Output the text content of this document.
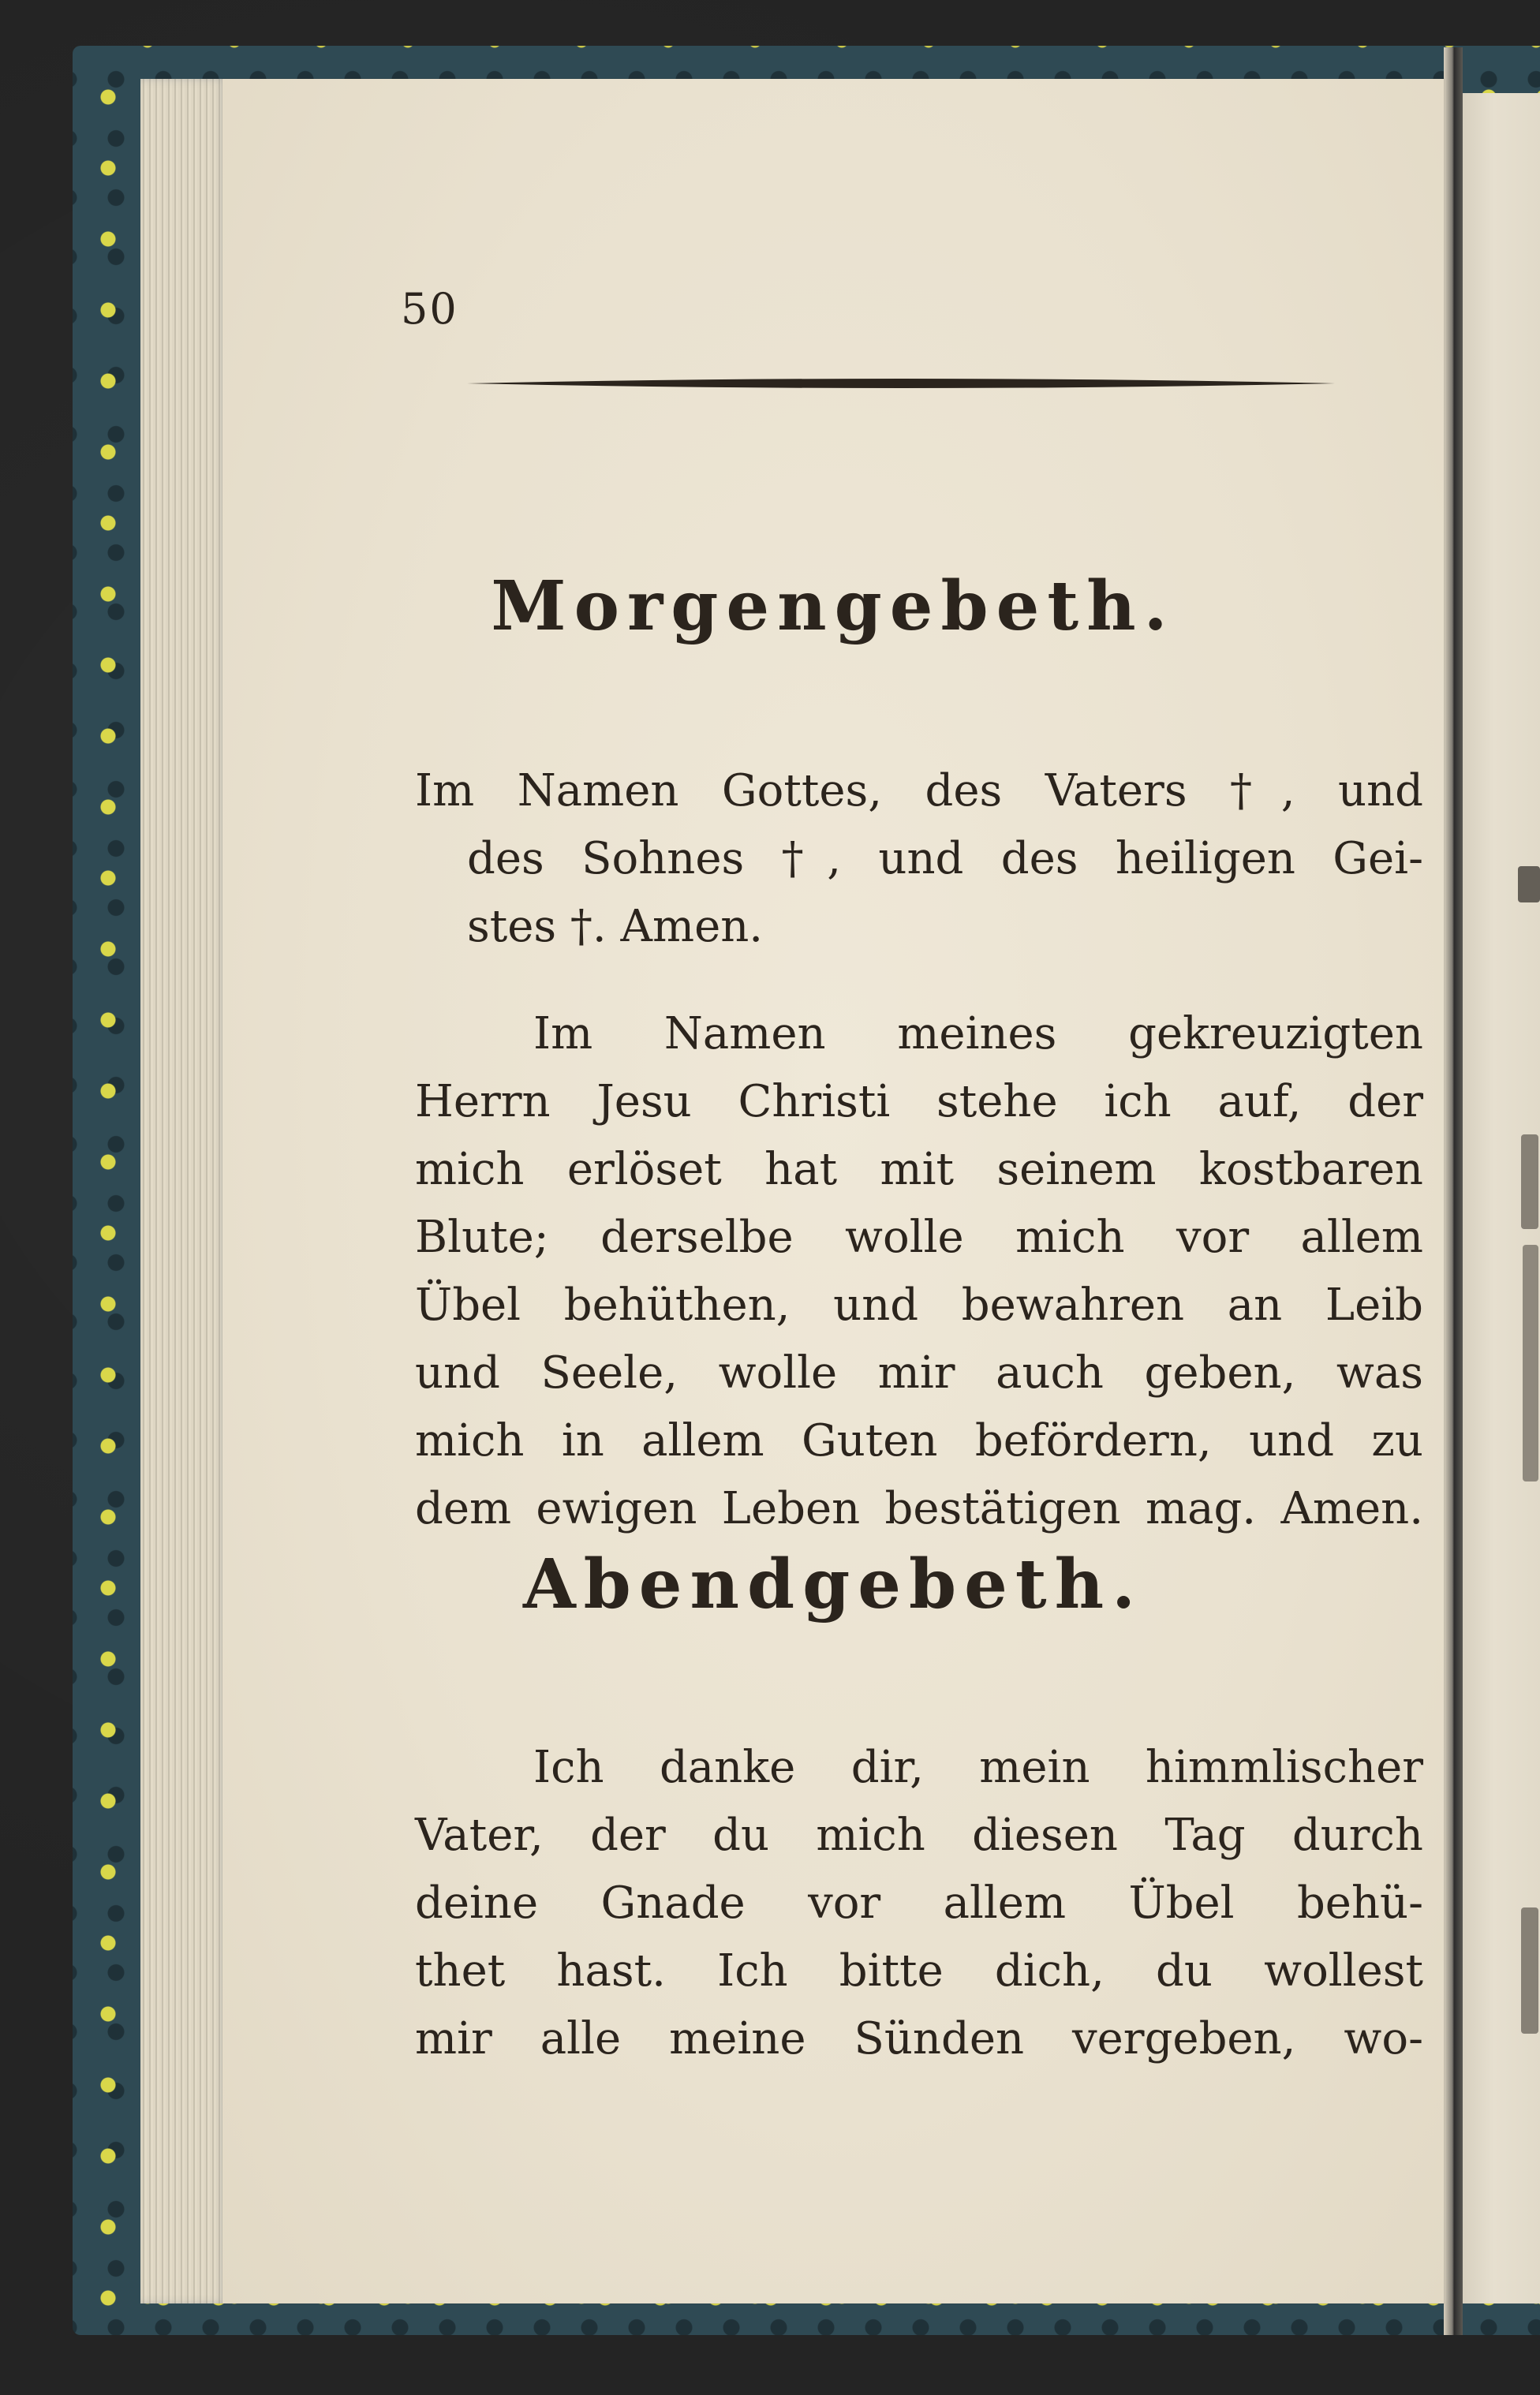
50
Morgengebeth.
Im Namen Gottes, des Vaters †, und
des Sohnes †, und des heiligen Gei-
stes †. Amen.
Im Namen meines gekreuzigten
Herrn Jesu Christi stehe ich auf, der
mich erlöset hat mit seinem kostbaren
Blute; derselbe wolle mich vor allem
Übel behüthen, und bewahren an Leib
und Seele, wolle mir auch geben, was
mich in allem Guten befördern, und zu
dem ewigen Leben bestätigen mag. Amen.
Abendgebeth.
Ich danke dir, mein himmlischer
Vater, der du mich diesen Tag durch
deine Gnade vor allem Übel behü-
thet hast. Ich bitte dich, du wollest
mir alle meine Sünden vergeben, wo-
